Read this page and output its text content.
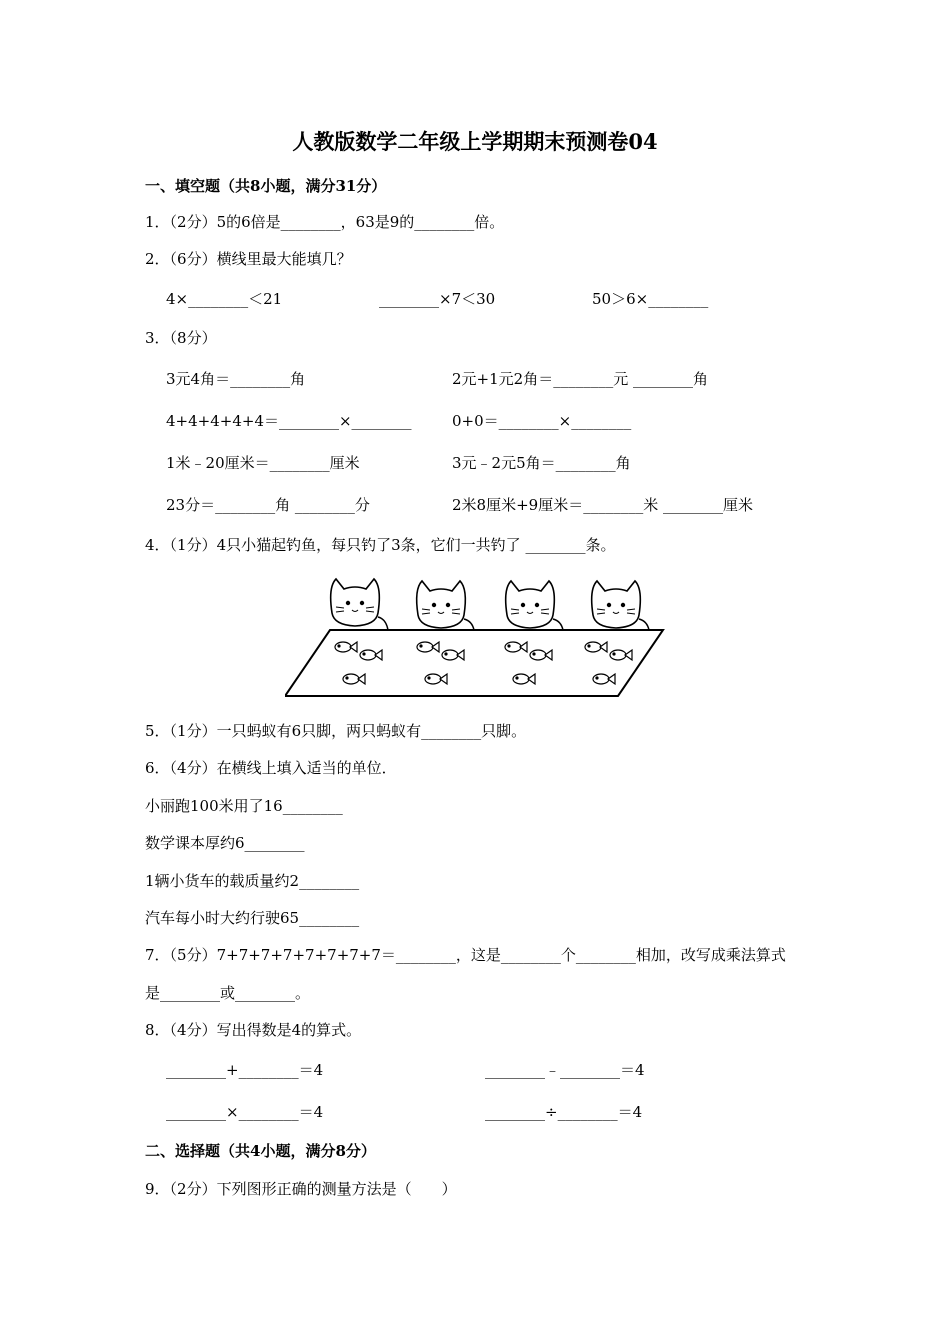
人教版数学二年级上学期期末预测卷04
一、填空题（共8小题，满分31分）
1．（2分）5的6倍是________，63是9的________倍。
2．（6分）横线里最大能填几？
4×________＜21	________×7＜30	50＞6×________
3．（8分）
3元4角＝________角	2元+1元2角＝________元 ________角
4+4+4+4+4＝________×________	0+0＝________×________
1米﹣20厘米＝________厘米	3元﹣2元5角＝________角
23分＝________角 ________分	2米8厘米+9厘米＝________米 ________厘米
4．（1分）4只小猫起钓鱼，每只钓了3条，它们一共钓了 ________条。
5．（1分）一只蚂蚁有6只脚，两只蚂蚁有________只脚。
6．（4分）在横线上填入适当的单位．
小丽跑100米用了16________
数学课本厚约6________
1辆小货车的载质量约2________
汽车每小时大约行驶65________
7．（5分）7+7+7+7+7+7+7+7＝________，这是________个________相加，改写成乘法算式
是________或________。
8．（4分）写出得数是4的算式。
________+________＝4	________﹣________＝4
________×________＝4	________÷________＝4
二、选择题（共4小题，满分8分）
9．（2分）下列图形正确的测量方法是（　　）
